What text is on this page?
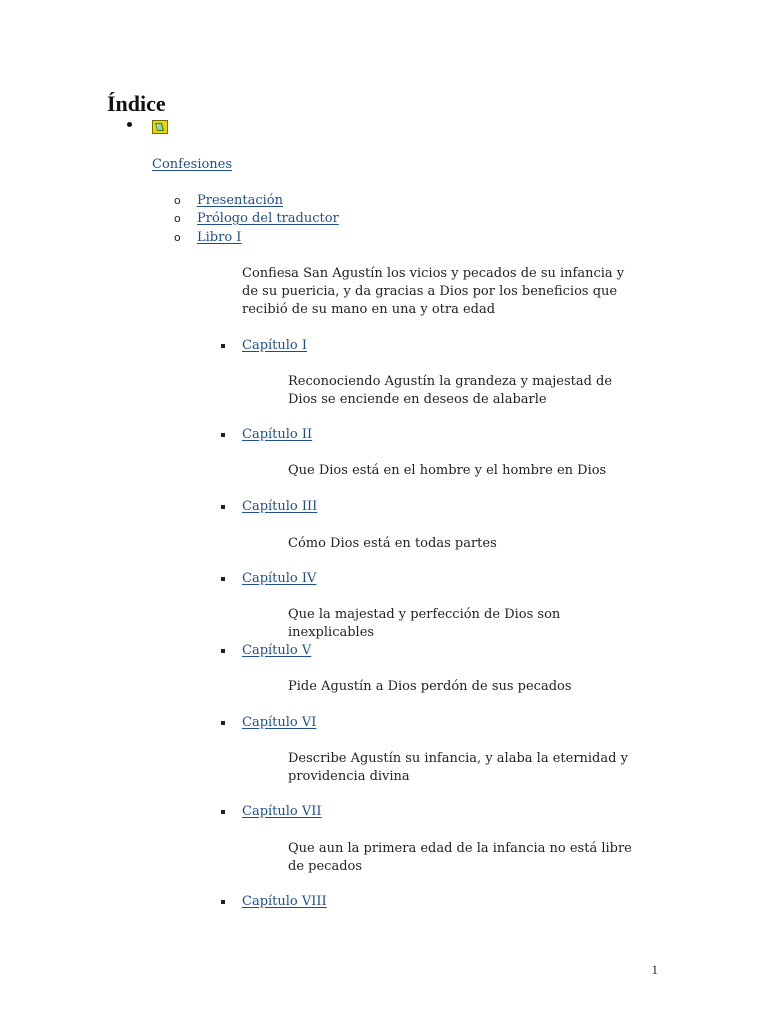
Índice
Confesiones
o Presentación
o Prólogo del traductor
o Libro I
Confiesa San Agustín los vicios y pecados de su infancia y de su puericia, y da gracias a Dios por los beneficios que recibió de su mano en una y otra edad
Capítulo I
Reconociendo Agustín la grandeza y majestad de Dios se enciende en deseos de alabarle
Capítulo II
Que Dios está en el hombre y el hombre en Dios
Capítulo III
Cómo Dios está en todas partes
Capítulo IV
Que la majestad y perfección de Dios son inexplicables
Capítulo V
Pide Agustín a Dios perdón de sus pecados
Capítulo VI
Describe Agustín su infancia, y alaba la eternidad y providencia divina
Capítulo VII
Que aun la primera edad de la infancia no está libre de pecados
Capítulo VIII
1
